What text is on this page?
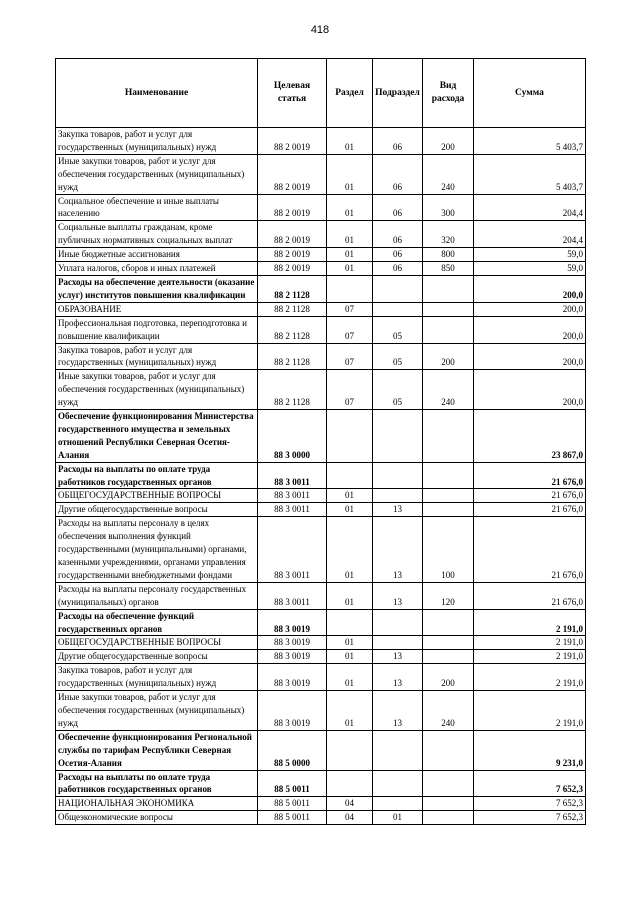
418
Наименование	Целевая статья	Раздел	Подраздел	Вид расхода	Сумма
Закупка товаров, работ и услуг для государственных (муниципальных) нужд	88 2 0019	01	06	200	5 403,7
Иные закупки товаров, работ и услуг для обеспечения государственных (муниципальных) нужд	88 2 0019	01	06	240	5 403,7
Социальное обеспечение и иные выплаты населению	88 2 0019	01	06	300	204,4
Социальные выплаты гражданам, кроме публичных нормативных социальных выплат	88 2 0019	01	06	320	204,4
Иные бюджетные ассигнования	88 2 0019	01	06	800	59,0
Уплата налогов, сборов и иных платежей	88 2 0019	01	06	850	59,0
Расходы на обеспечение деятельности (оказание услуг) институтов повышения квалификации	88 2 1128				200,0
ОБРАЗОВАНИЕ	88 2 1128	07			200,0
Профессиональная подготовка, переподготовка и повышение квалификации	88 2 1128	07	05		200,0
Закупка товаров, работ и услуг для государственных (муниципальных) нужд	88 2 1128	07	05	200	200,0
Иные закупки товаров, работ и услуг для обеспечения государственных (муниципальных) нужд	88 2 1128	07	05	240	200,0
Обеспечение функционирования Министерства государственного имущества и земельных отношений Республики Северная Осетия-Алания	88 3 0000				23 867,0
Расходы на выплаты по оплате труда работников государственных органов	88 3 0011				21 676,0
ОБЩЕГОСУДАРСТВЕННЫЕ ВОПРОСЫ	88 3 0011	01			21 676,0
Другие общегосударственные вопросы	88 3 0011	01	13		21 676,0
Расходы на выплаты персоналу в целях обеспечения выполнения функций государственными (муниципальными) органами, казенными учреждениями, органами управления государственными внебюджетными фондами	88 3 0011	01	13	100	21 676,0
Расходы на выплаты персоналу государственных (муниципальных) органов	88 3 0011	01	13	120	21 676,0
Расходы на обеспечение функций государственных органов	88 3 0019				2 191,0
ОБЩЕГОСУДАРСТВЕННЫЕ ВОПРОСЫ	88 3 0019	01			2 191,0
Другие общегосударственные вопросы	88 3 0019	01	13		2 191,0
Закупка товаров, работ и услуг для государственных (муниципальных) нужд	88 3 0019	01	13	200	2 191,0
Иные закупки товаров, работ и услуг для обеспечения государственных (муниципальных) нужд	88 3 0019	01	13	240	2 191,0
Обеспечение функционирования Региональной службы по тарифам Республики Северная Осетия-Алания	88 5 0000				9 231,0
Расходы на выплаты по оплате труда работников государственных органов	88 5 0011				7 652,3
НАЦИОНАЛЬНАЯ ЭКОНОМИКА	88 5 0011	04			7 652,3
Общеэкономические вопросы	88 5 0011	04	01		7 652,3
